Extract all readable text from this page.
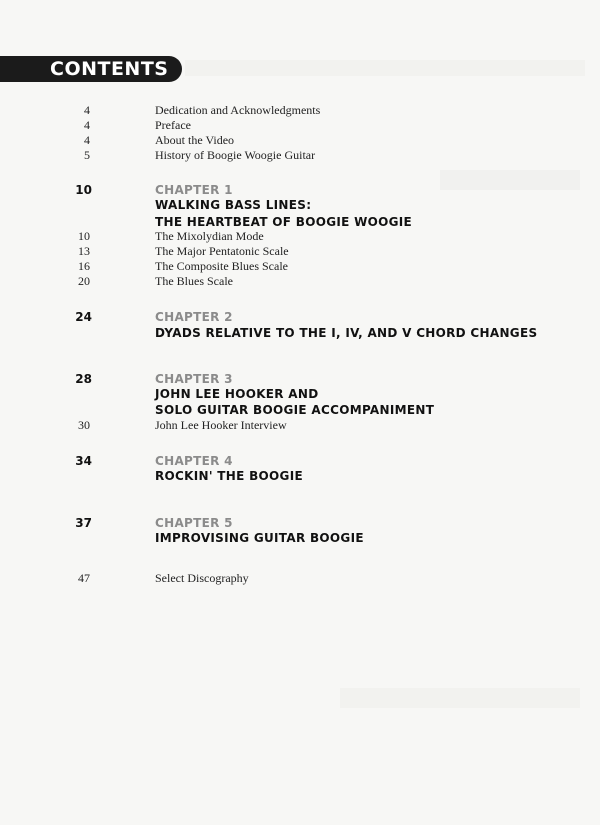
CONTENTS
4	Dedication and Acknowledgments
4	Preface
4	About the Video
5	History of Boogie Woogie Guitar
10	CHAPTER 1
WALKING BASS LINES:
THE HEARTBEAT OF BOOGIE WOOGIE
10	The Mixolydian Mode
13	The Major Pentatonic Scale
16	The Composite Blues Scale
20	The Blues Scale
24	CHAPTER 2
DYADS RELATIVE TO THE I, IV, AND V CHORD CHANGES
28	CHAPTER 3
JOHN LEE HOOKER AND
SOLO GUITAR BOOGIE ACCOMPANIMENT
30	John Lee Hooker Interview
34	CHAPTER 4
ROCKIN' THE BOOGIE
37	CHAPTER 5
IMPROVISING GUITAR BOOGIE
47	Select Discography
